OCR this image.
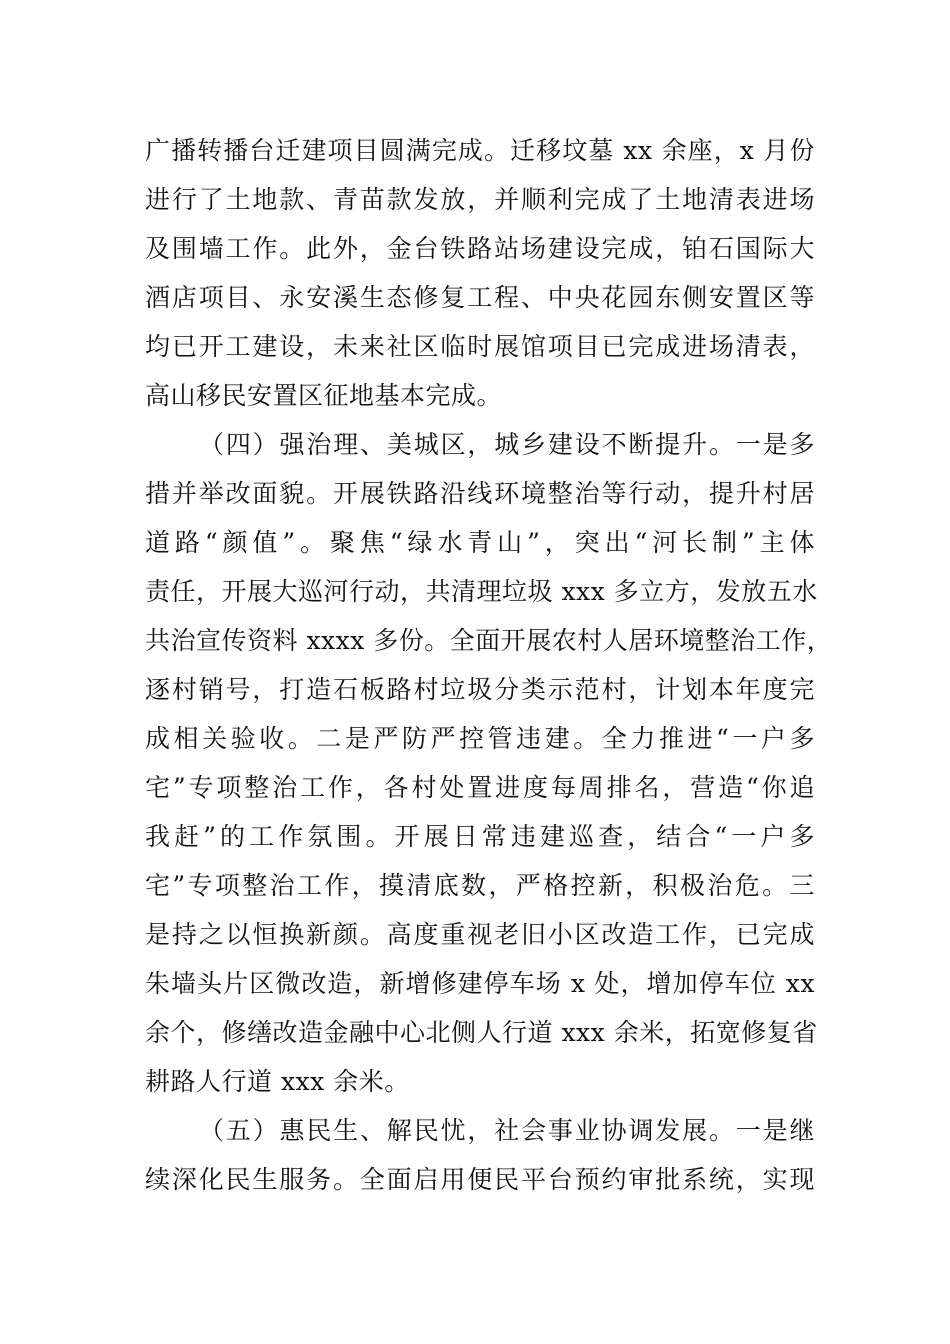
广播转播台迁建项目圆满完成。迁移坟墓 xx 余座，x 月份
进行了土地款、青苗款发放，并顺利完成了土地清表进场
及围墙工作。此外，金台铁路站场建设完成，铂石国际大
酒店项目、永安溪生态修复工程、中央花园东侧安置区等
均已开工建设，未来社区临时展馆项目已完成进场清表，
高山移民安置区征地基本完成。
（四）强治理、美城区，城乡建设不断提升。一是多
措并举改面貌。开展铁路沿线环境整治等行动，提升村居
道路“颜值”。聚焦“绿水青山”，突出“河长制”主体
责任，开展大巡河行动，共清理垃圾 xxx 多立方，发放五水
共治宣传资料 xxxx 多份。全面开展农村人居环境整治工作，
逐村销号，打造石板路村垃圾分类示范村，计划本年度完
成相关验收。二是严防严控管违建。全力推进“一户多
宅”专项整治工作，各村处置进度每周排名，营造“你追
我赶”的工作氛围。开展日常违建巡查，结合“一户多
宅”专项整治工作，摸清底数，严格控新，积极治危。三
是持之以恒换新颜。高度重视老旧小区改造工作，已完成
朱墙头片区微改造，新增修建停车场 x 处，增加停车位 xx
余个，修缮改造金融中心北侧人行道 xxx 余米，拓宽修复省
耕路人行道 xxx 余米。
（五）惠民生、解民忧，社会事业协调发展。一是继
续深化民生服务。全面启用便民平台预约审批系统，实现
